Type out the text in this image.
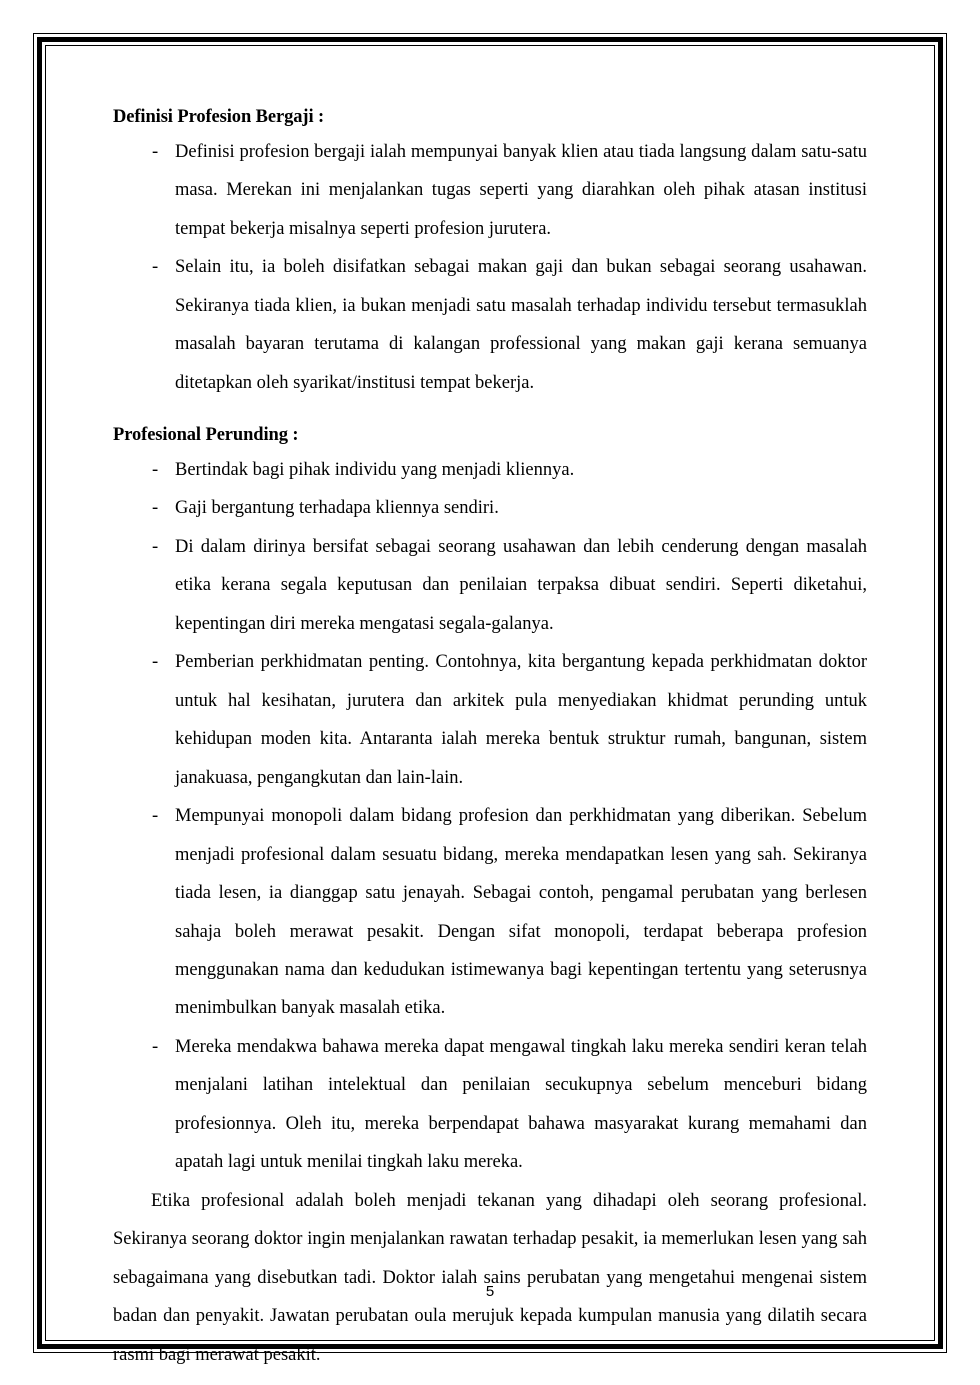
Definisi Profesion Bergaji :
- Definisi profesion bergaji ialah mempunyai banyak klien atau tiada langsung dalam satu-satu masa. Merekan ini menjalankan tugas seperti yang diarahkan oleh pihak atasan institusi tempat bekerja misalnya seperti profesion jurutera.
- Selain itu, ia boleh disifatkan sebagai makan gaji dan bukan sebagai seorang usahawan. Sekiranya tiada klien, ia bukan menjadi satu masalah terhadap individu tersebut termasuklah masalah bayaran terutama di kalangan professional yang makan gaji kerana semuanya ditetapkan oleh syarikat/institusi tempat bekerja.
Profesional Perunding :
- Bertindak bagi pihak individu yang menjadi kliennya.
- Gaji bergantung terhadapa kliennya sendiri.
- Di dalam dirinya bersifat sebagai seorang usahawan dan lebih cenderung dengan masalah etika kerana segala keputusan dan penilaian terpaksa dibuat sendiri. Seperti diketahui, kepentingan diri mereka mengatasi segala-galanya.
- Pemberian perkhidmatan penting. Contohnya, kita bergantung kepada perkhidmatan doktor untuk hal kesihatan, jurutera dan arkitek pula menyediakan khidmat perunding untuk kehidupan moden kita. Antaranta ialah mereka bentuk struktur rumah, bangunan, sistem janakuasa, pengangkutan dan lain-lain.
- Mempunyai monopoli dalam bidang profesion dan perkhidmatan yang diberikan. Sebelum menjadi profesional dalam sesuatu bidang, mereka mendapatkan lesen yang sah. Sekiranya tiada lesen, ia dianggap satu jenayah. Sebagai contoh, pengamal perubatan yang berlesen sahaja boleh merawat pesakit. Dengan sifat monopoli, terdapat beberapa profesion menggunakan nama dan kedudukan istimewanya bagi kepentingan tertentu yang seterusnya menimbulkan banyak masalah etika.
- Mereka mendakwa bahawa mereka dapat mengawal tingkah laku mereka sendiri keran telah menjalani latihan intelektual dan penilaian secukupnya sebelum menceburi bidang profesionnya. Oleh itu, mereka berpendapat bahawa masyarakat kurang memahami dan apatah lagi untuk menilai tingkah laku mereka.

Etika profesional adalah boleh menjadi tekanan yang dihadapi oleh seorang profesional. Sekiranya seorang doktor ingin menjalankan rawatan terhadap pesakit, ia memerlukan lesen yang sah sebagaimana yang disebutkan tadi. Doktor ialah sains perubatan yang mengetahui mengenai sistem badan dan penyakit. Jawatan perubatan oula merujuk kepada kumpulan manusia yang dilatih secara rasmi bagi merawat pesakit.

5
